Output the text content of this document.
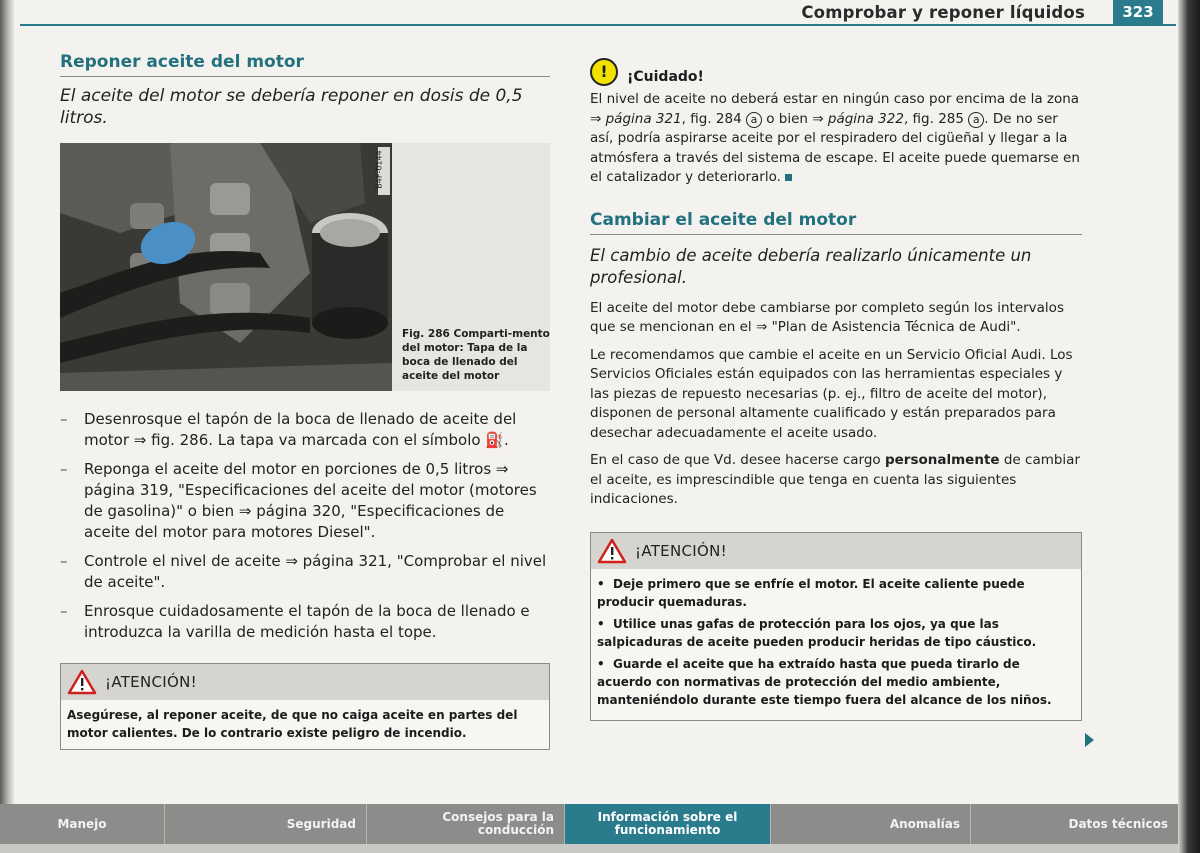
Comprobar y reponer líquidos	323
Reponer aceite del motor
El aceite del motor se debería reponer en dosis de 0,5 litros.
B4F-0144
Fig. 286 Comparti-mento del motor: Tapa de la boca de llenado del aceite del motor
– Desenrosque el tapón de la boca de llenado de aceite del motor ⇒ fig. 286. La tapa va marcada con el símbolo ⛽.
– Reponga el aceite del motor en porciones de 0,5 litros ⇒ página 319, "Especificaciones del aceite del motor (motores de gasolina)" o bien ⇒ página 320, "Especificaciones de aceite del motor para motores Diesel".
– Controle el nivel de aceite ⇒ página 321, "Comprobar el nivel de aceite".
– Enrosque cuidadosamente el tapón de la boca de llenado e introduzca la varilla de medición hasta el tope.
¡ATENCIÓN!
Asegúrese, al reponer aceite, de que no caiga aceite en partes del motor calientes. De lo contrario existe peligro de incendio.
!	¡Cuidado!

El nivel de aceite no deberá estar en ningún caso por encima de la zona ⇒ página 321, fig. 284 a o bien ⇒ página 322, fig. 285 a . De no ser así, podría aspirarse aceite por el respiradero del cigüeñal y llegar a la atmósfera a través del sistema de escape. El aceite puede quemarse en el catalizador y deteriorarlo.

Cambiar el aceite del motor
El cambio de aceite debería realizarlo únicamente un profesional.

El aceite del motor debe cambiarse por completo según los intervalos que se mencionan en el ⇒ "Plan de Asistencia Técnica de Audi".

Le recomendamos que cambie el aceite en un Servicio Oficial Audi. Los Servicios Oficiales están equipados con las herramientas especiales y las piezas de repuesto necesarias (p. ej., filtro de aceite del motor), disponen de personal altamente cualificado y están preparados para desechar adecuadamente el aceite usado.

En el caso de que Vd. desee hacerse cargo personalmente de cambiar el aceite, es imprescindible que tenga en cuenta las siguientes indicaciones.

¡ATENCIÓN!

•  Deje primero que se enfríe el motor. El aceite caliente puede producir quemaduras.

•  Utilice unas gafas de protección para los ojos, ya que las salpicaduras de aceite pueden producir heridas de tipo cáustico.

•  Guarde el aceite que ha extraído hasta que pueda tirarlo de acuerdo con normativas de protección del medio ambiente, manteniéndolo durante este tiempo fuera del alcance de los niños.

Manejo	Seguridad	Consejos para la conducción
Información sobre el funcionamiento	Anomalías	Datos técnicos
